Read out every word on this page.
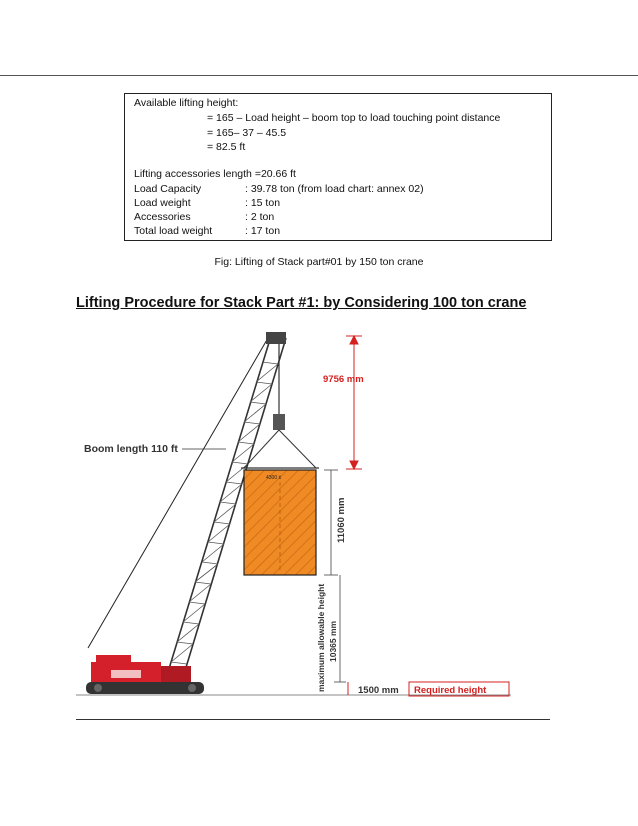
Available lifting height:
= 165 – Load height – boom top to load touching point distance
= 165– 37 – 45.5
= 82.5 ft
Lifting accessories length =20.66 ft
Load Capacity	: 39.78 ton (from load chart: annex 02)
Load weight	: 15 ton
Accessories	: 2 ton
Total load weight	: 17 ton
Fig: Lifting of Stack part#01 by 150 ton crane
Lifting Procedure for Stack Part #1: by Considering 100 ton crane
4300 x
Boom length 110 ft
9756 mm
11060 mm
maximum allowable height 10365 mm
1500 mm Required height
